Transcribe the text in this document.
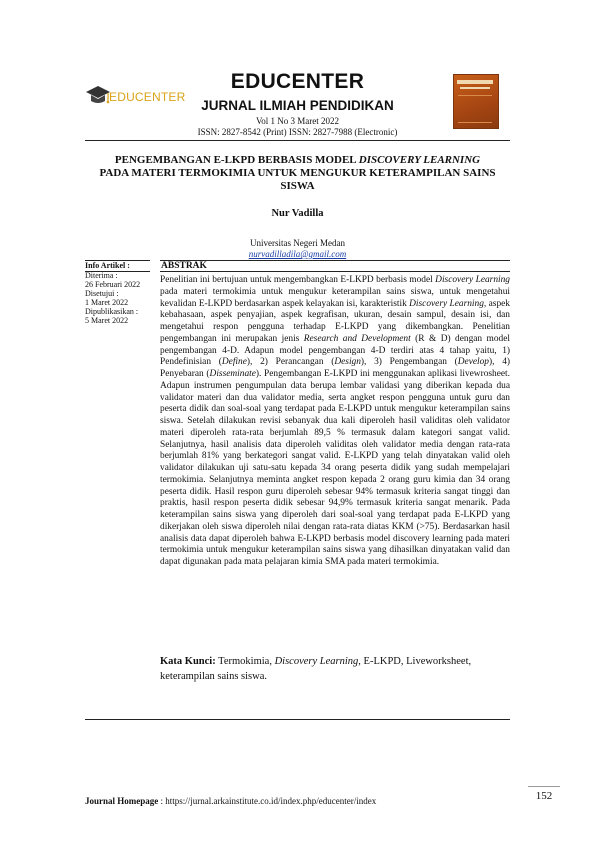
EDUCENTER
EDUCENTER
JURNAL ILMIAH PENDIDIKAN
Vol 1 No 3 Maret 2022
ISSN: 2827-8542 (Print) ISSN: 2827-7988 (Electronic)
PENGEMBANGAN E-LKPD BERBASIS MODEL DISCOVERY LEARNING
PADA MATERI TERMOKIMIA UNTUK MENGUKUR KETERAMPILAN SAINS SISWA
Nur Vadilla
Universitas Negeri Medan
nurvadilladila@gmail.com
Info Artikel :
Diterima :
26 Februari 2022
Disetujui :
1 Maret 2022
Dipublikasikan :
5 Maret 2022
ABSTRAK

Penelitian ini bertujuan untuk mengembangkan E-LKPD berbasis model Discovery Learning pada materi termokimia untuk mengukur keterampilan sains siswa, untuk mengetahui kevalidan E-LKPD berdasarkan aspek kelayakan isi, karakteristik Discovery Learning, aspek kebahasaan, aspek penyajian, aspek kegrafisan, ukuran, desain sampul, desain isi, dan mengetahui respon pengguna terhadap E-LKPD yang dikembangkan. Penelitian pengembangan ini merupakan jenis Research and Development (R & D) dengan model pengembangan 4-D. Adapun model pengembangan 4-D terdiri atas 4 tahap yaitu, 1) Pendefinisian (Define), 2) Perancangan (Design), 3) Pengembangan (Develop), 4) Penyebaran (Disseminate). Pengembangan E-LKPD ini menggunakan aplikasi livewrosheet. Adapun instrumen pengumpulan data berupa lembar validasi yang diberikan kepada dua validator materi dan dua validator media, serta angket respon pengguna untuk guru dan peserta didik dan soal-soal yang terdapat pada E-LKPD untuk mengukur keterampilan sains siswa. Setelah dilakukan revisi sebanyak dua kali diperoleh hasil validitas oleh validator materi diperoleh rata-rata berjumlah 89,5 % termasuk dalam kategori sangat valid. Selanjutnya, hasil analisis data diperoleh validitas oleh validator media dengan rata-rata berjumlah 81% yang berkategori sangat valid. E-LKPD yang telah dinyatakan valid oleh validator dilakukan uji satu-satu kepada 34 orang peserta didik yang sudah mempelajari termokimia. Selanjutnya meminta angket respon kepada 2 orang guru kimia dan 34 orang peserta didik. Hasil respon guru diperoleh sebesar 94% termasuk kriteria sangat tinggi dan praktis, hasil respon peserta didik sebesar 94,9% termasuk kriteria sangat menarik. Pada keterampilan sains siswa yang diperoleh dari soal-soal yang terdapat pada E-LKPD yang dikerjakan oleh siswa diperoleh nilai dengan rata-rata diatas KKM (>75). Berdasarkan hasil analisis data dapat diperoleh bahwa E-LKPD berbasis model discovery learning pada materi termokimia untuk mengukur keterampilan sains siswa yang dihasilkan dinyatakan valid dan dapat digunakan pada mata pelajaran kimia SMA pada materi termokimia.

Kata Kunci: Termokimia, Discovery Learning, E-LKPD, Liveworksheet, keterampilan sains siswa.
152
Journal Homepage : https://jurnal.arkainstitute.co.id/index.php/educenter/index
